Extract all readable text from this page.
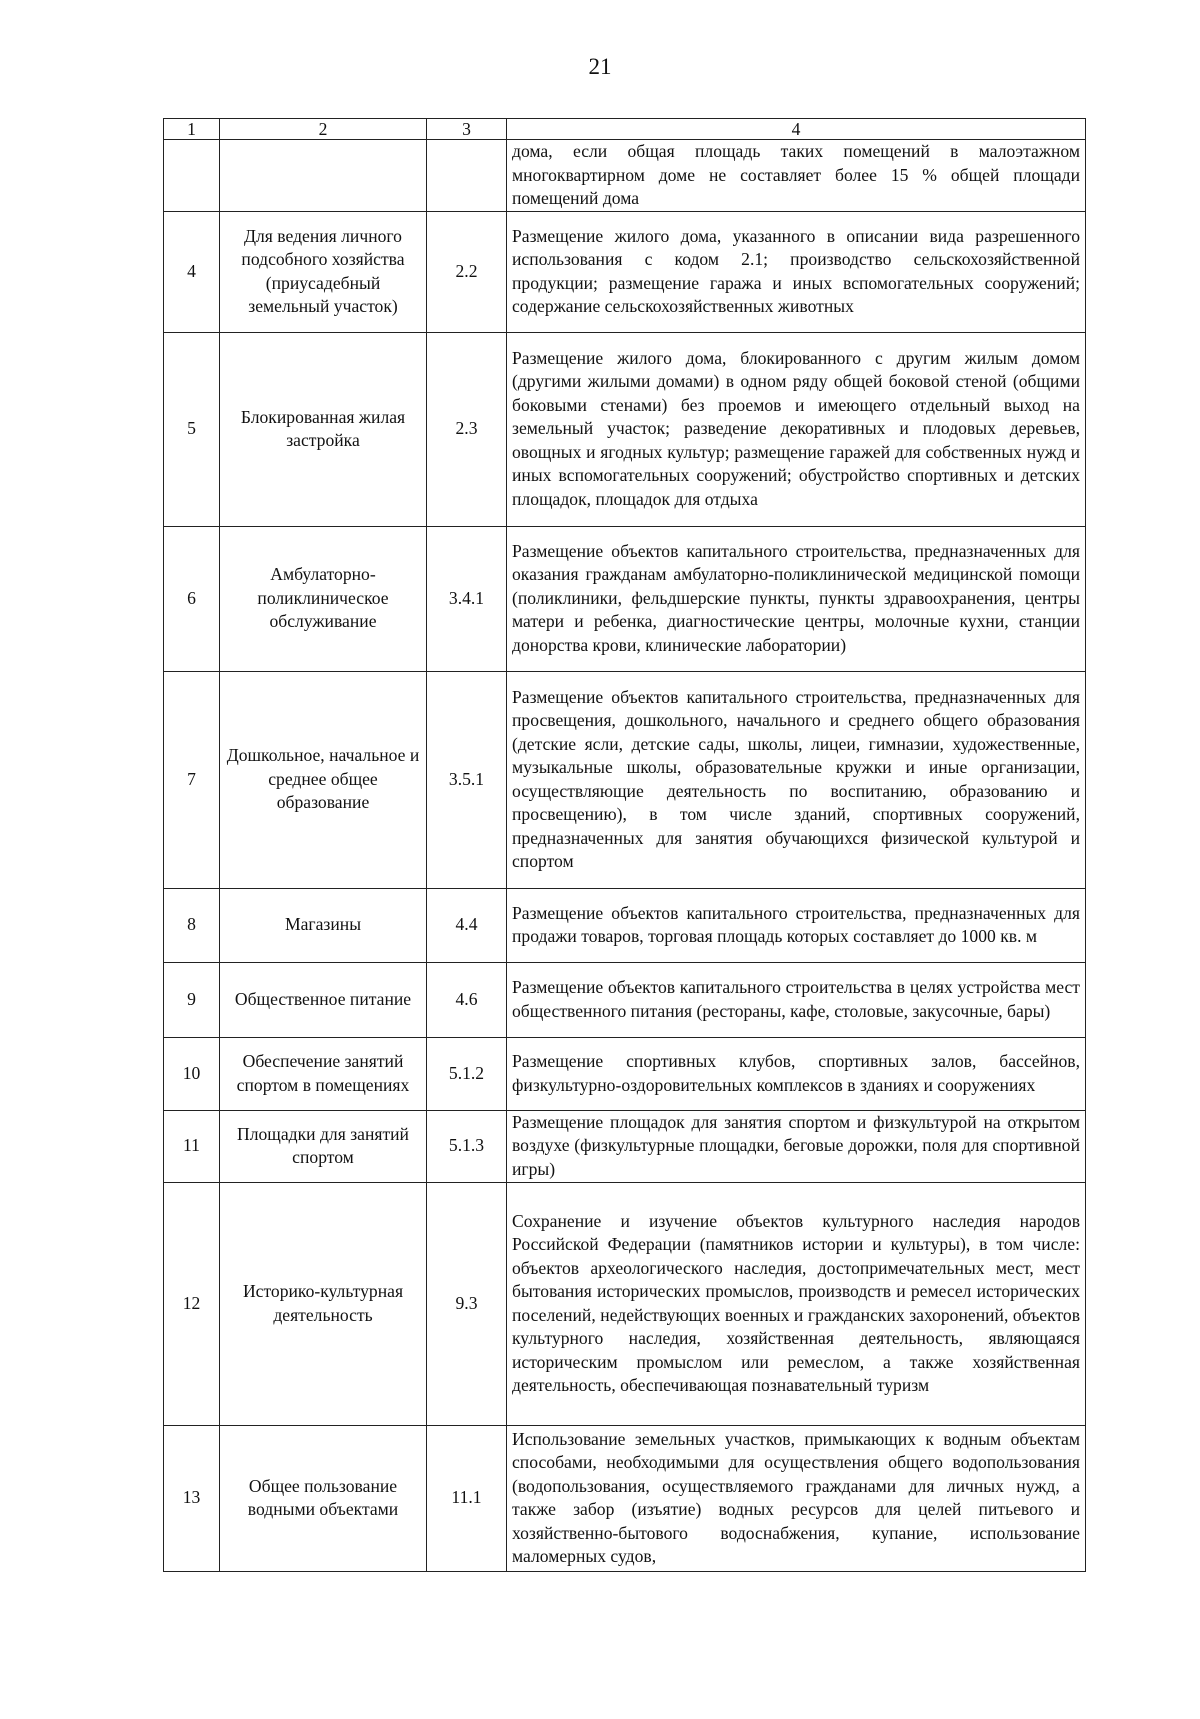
21
1	2	3	4
			дома, если общая площадь таких помещений в малоэтажном многоквартирном доме не составляет более 15 % общей площади помещений дома
4	Для ведения личного подсобного хозяйства (приусадебный земельный участок)	2.2	Размещение жилого дома, указанного в описании вида разрешенного использования с кодом 2.1; производство сельскохозяйственной продукции; размещение гаража и иных вспомогательных сооружений; содержание сельскохозяйственных животных
5	Блокированная жилая застройка	2.3	Размещение жилого дома, блокированного с другим жилым домом (другими жилыми домами) в одном ряду общей боковой стеной (общими боковыми стенами) без проемов и имеющего отдельный выход на земельный участок; разведение декоративных и плодовых деревьев, овощных и ягодных культур; размещение гаражей для собственных нужд и иных вспомогательных сооружений; обустройство спортивных и детских площадок, площадок для отдыха
6	Амбулаторно-поликлиническое обслуживание	3.4.1	Размещение объектов капитального строительства, предназначенных для оказания гражданам амбулаторно-поликлинической медицинской помощи (поликлиники, фельдшерские пункты, пункты здравоохранения, центры матери и ребенка, диагностические центры, молочные кухни, станции донорства крови, клинические лаборатории)
7	Дошкольное, начальное и среднее общее образование	3.5.1	Размещение объектов капитального строительства, предназначенных для просвещения, дошкольного, начального и среднего общего образования (детские ясли, детские сады, школы, лицеи, гимназии, художественные, музыкальные школы, образовательные кружки и иные организации, осуществляющие деятельность по воспитанию, образованию и просвещению), в том числе зданий, спортивных сооружений, предназначенных для занятия обучающихся физической культурой и спортом
8	Магазины	4.4	Размещение объектов капитального строительства, предназначенных для продажи товаров, торговая площадь которых составляет до 1000 кв. м
9	Общественное питание	4.6	Размещение объектов капитального строительства в целях устройства мест общественного питания (рестораны, кафе, столовые, закусочные, бары)
10	Обеспечение занятий спортом в помещениях	5.1.2	Размещение спортивных клубов, спортивных залов, бассейнов, физкультурно-оздоровительных комплексов в зданиях и сооружениях
11	Площадки для занятий спортом	5.1.3	Размещение площадок для занятия спортом и физкультурой на открытом воздухе (физкультурные площадки, беговые дорожки, поля для спортивной игры)
12	Историко-культурная деятельность	9.3	Сохранение и изучение объектов культурного наследия народов Российской Федерации (памятников истории и культуры), в том числе: объектов археологического наследия, достопримечательных мест, мест бытования исторических промыслов, производств и ремесел исторических поселений, недействующих военных и гражданских захоронений, объектов культурного наследия, хозяйственная деятельность, являющаяся историческим промыслом или ремеслом, а также хозяйственная деятельность, обеспечивающая познавательный туризм
13	Общее пользование водными объектами	11.1	Использование земельных участков, примыкающих к водным объектам способами, необходимыми для осуществления общего водопользования (водопользования, осуществляемого гражданами для личных нужд, а также забор (изъятие) водных ресурсов для целей питьевого и хозяйственно-бытового водоснабжения, купание, использование маломерных судов,
